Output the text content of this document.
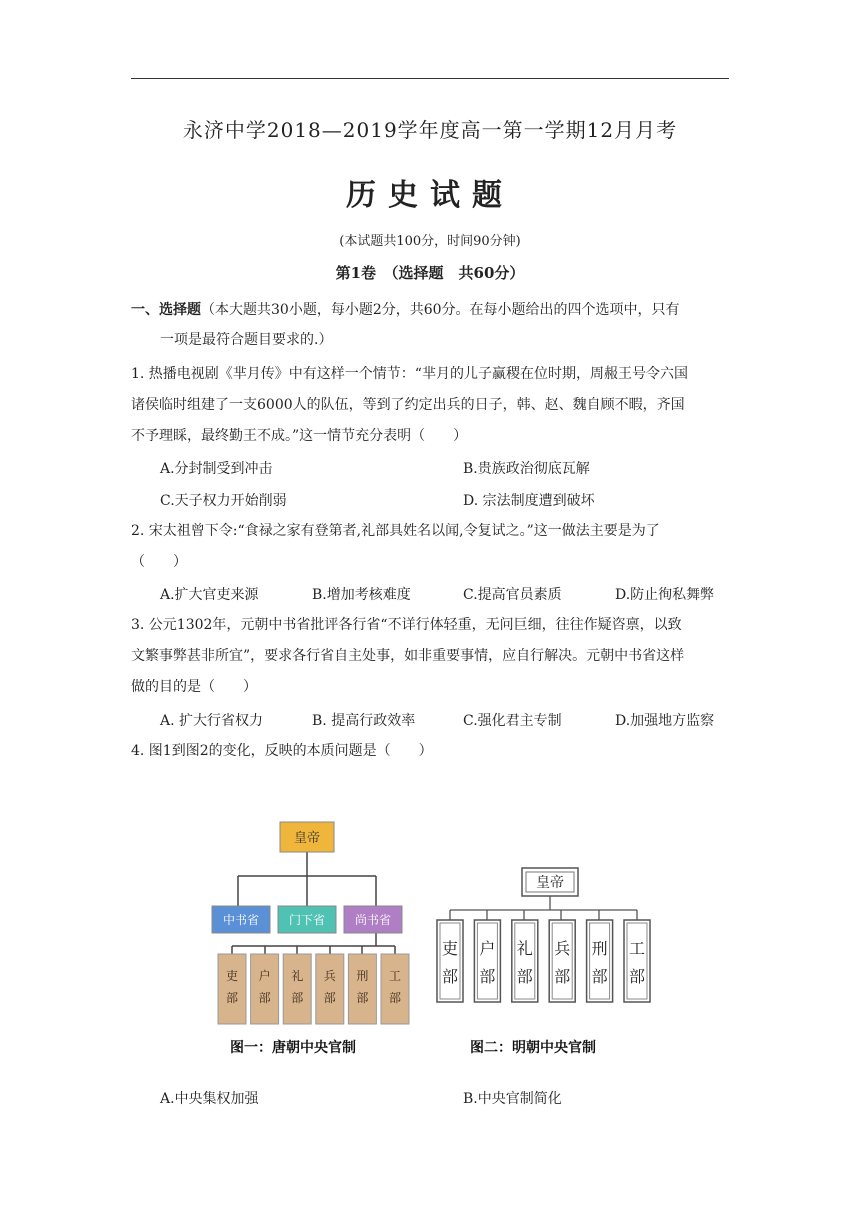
永济中学2018—2019学年度高一第一学期12月月考
历史试题
(本试题共100分，时间90分钟)
第1卷　（选择题　共60分）
一、选择题（本大题共30小题，每小题2分，共60分。在每小题给出的四个选项中，只有
一项是最符合题目要求的.）
1. 热播电视剧《芈月传》中有这样一个情节：“芈月的儿子赢稷在位时期，周赧王号令六国
诸侯临时组建了一支6000人的队伍，等到了约定出兵的日子，韩、赵、魏自顾不暇，齐国
不予理睬，最终勤王不成。”这一情节充分表明（　　）
A.分封制受到冲击	B.贵族政治彻底瓦解
C.天子权力开始削弱	D. 宗法制度遭到破坏
2. 宋太祖曾下令:“食禄之家有登第者,礼部具姓名以闻,令复试之。”这一做法主要是为了
（　　）
A.扩大官吏来源	B.增加考核难度	C.提高官员素质	D.防止徇私舞弊
3. 公元1302年，元朝中书省批评各行省“不详行体轻重，无问巨细，往往作疑咨禀，以致
文繁事弊甚非所宜”，要求各行省自主处事，如非重要事情，应自行解决。元朝中书省这样
做的目的是（　　）
A. 扩大行省权力	B. 提高行政效率	C.强化君主专制	D.加强地方监察
4. 图1到图2的变化，反映的本质问题是（　　）
皇帝
中书省 门下省 尚书省
吏
部
户
部
礼
部
兵
部
刑
部
工
部
皇帝
吏
部
户
部
礼
部
兵
部
刑
部
工
部
图一：唐朝中央官制	图二：明朝中央官制
A.中央集权加强	B.中央官制简化
